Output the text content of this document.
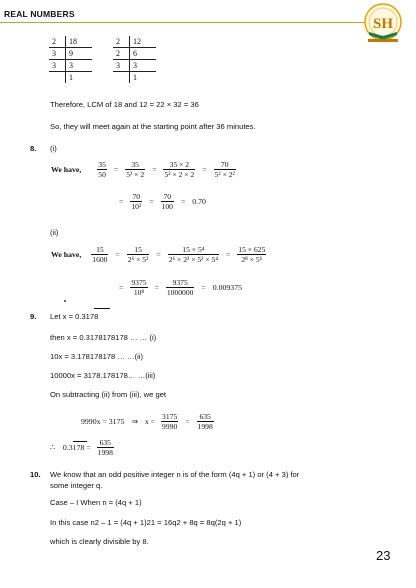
REAL NUMBERS
SH
2	18
3	9
3	3
	1
2	12
2	6
3	3
	1
Therefore, LCM of 18 and 12 = 22 × 32 = 36
So, they will meet again at the starting point after 36 minutes.
8. (i)
We have, $\frac{35}{50} = \frac{35}{\text{5² × 2}} = \frac{35 \times 2}{\text{5² × 2 × 2}} = \frac{70}{\text{5² × 2²}}$
= $\frac{70}{\text{10²}} = \frac{70}{100} = 0.70$
(ii)
We have, $\frac{15}{1600} = \frac{15}{\text{2⁶ × 5²}} = \frac{\text{15 × 5⁴}}{\text{2⁶ × 2² × 5² × 5⁴}} = \frac{15 \times 625}{\text{2⁸ × 5⁶}}$
= $\frac{9375}{\text{10⁸}} = \frac{9375}{1000000} = 0.009375$
9. Let x = 0.3178
then x = 0.3178178178 … … (i)
10x = 3.178178178 … …(ii)
10000x = 3178.178178… …(iii)
On subtracting (ii) from (iii), we get
9990x = 3175 ⇒ $x = \frac{3175}{9990} = \frac{635}{1998}$
∴ $0.3178 = \frac{635}{1998}$
10. We know that an odd positive integer n is of the form (4q + 1) or (4 + 3) for
some integer q.
Case – I When n = (4q + 1)
In this case n2 – 1 = (4q + 1)21 = 16q2 + 8q = 8q(2q + 1)
which is clearly divisible by 8.
23
